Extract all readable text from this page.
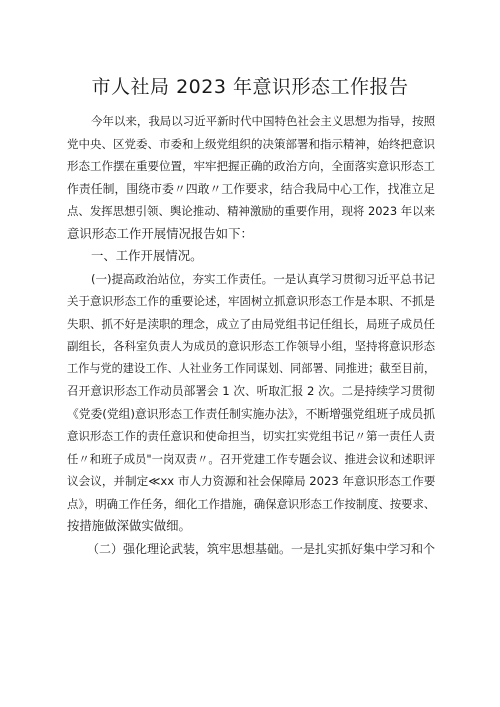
市人社局 2023 年意识形态工作报告
今年以来，我局以习近平新时代中国特色社会主义思想为指导，按照
党中央、区党委、市委和上级党组织的决策部署和指示精神，始终把意识
形态工作摆在重要位置，牢牢把握正确的政治方向，全面落实意识形态工
作责任制，围绕市委〃四敢〃工作要求，结合我局中心工作，找准立足
点、发挥思想引领、舆论推动、精神激励的重要作用，现将 2023 年以来
意识形态工作开展情况报告如下：
一、工作开展情况。
(一)提高政治站位，夯实工作责任。一是认真学习贯彻习近平总书记
关于意识形态工作的重要论述，牢固树立抓意识形态工作是本职、不抓是
失职、抓不好是渎职的理念，成立了由局党组书记任组长，局班子成员任
副组长，各科室负责人为成员的意识形态工作领导小组，坚持将意识形态
工作与党的建设工作、人社业务工作同谋划、同部署、同推进；截至目前，
召开意识形态工作动员部署会 1 次、听取汇报 2 次。二是持续学习贯彻
《党委(党组)意识形态工作责任制实施办法》，不断增强党组班子成员抓
意识形态工作的责任意识和使命担当，切实扛实党组书记〃第一责任人责
任〃和班子成员"一岗双责〃。召开党建工作专题会议、推进会议和述职评
议会议，并制定≪xx 市人力资源和社会保障局 2023 年意识形态工作要
点》，明确工作任务，细化工作措施，确保意识形态工作按制度、按要求、
按措施做深做实做细。
（二）强化理论武装，筑牢思想基础。一是扎实抓好集中学习和个
